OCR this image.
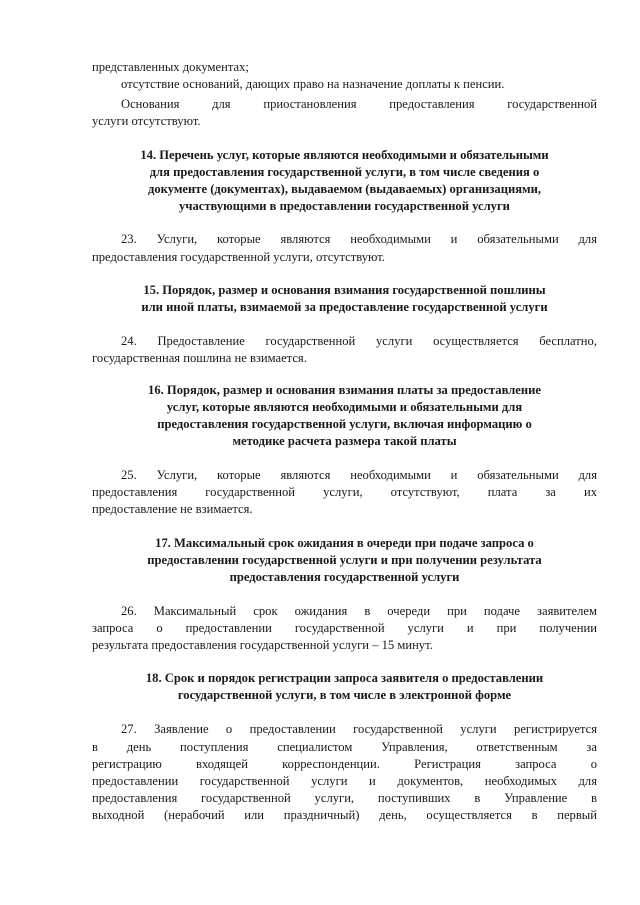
представленных документах;
отсутствие оснований, дающих право на назначение доплаты к пенсии.
Основания для приостановления предоставления государственной
услуги отсутствуют.
14. Перечень услуг, которые являются необходимыми и обязательными
для предоставления государственной услуги, в том числе сведения о
документе (документах), выдаваемом (выдаваемых) организациями,
участвующими в предоставлении государственной услуги
23. Услуги, которые являются необходимыми и обязательными для
предоставления государственной услуги, отсутствуют.
15. Порядок, размер и основания взимания государственной пошлины
или иной платы, взимаемой за предоставление государственной услуги
24. Предоставление государственной услуги осуществляется бесплатно,
государственная пошлина не взимается.
16. Порядок, размер и основания взимания платы за предоставление
услуг, которые являются необходимыми и обязательными для
предоставления государственной услуги, включая информацию о
методике расчета размера такой платы
25. Услуги, которые являются необходимыми и обязательными для
предоставления государственной услуги, отсутствуют, плата за их
предоставление не взимается.
17. Максимальный срок ожидания в очереди при подаче запроса о
предоставлении государственной услуги и при получении результата
предоставления государственной услуги
26. Максимальный срок ожидания в очереди при подаче заявителем
запроса о предоставлении государственной услуги и при получении
результата предоставления государственной услуги – 15 минут.
18. Срок и порядок регистрации запроса заявителя о предоставлении
государственной услуги, в том числе в электронной форме
27. Заявление о предоставлении государственной услуги регистрируется
в день поступления специалистом Управления, ответственным за
регистрацию входящей корреспонденции. Регистрация запроса о
предоставлении государственной услуги и документов, необходимых для
предоставления государственной услуги, поступивших в Управление в
выходной (нерабочий или праздничный) день, осуществляется в первый
